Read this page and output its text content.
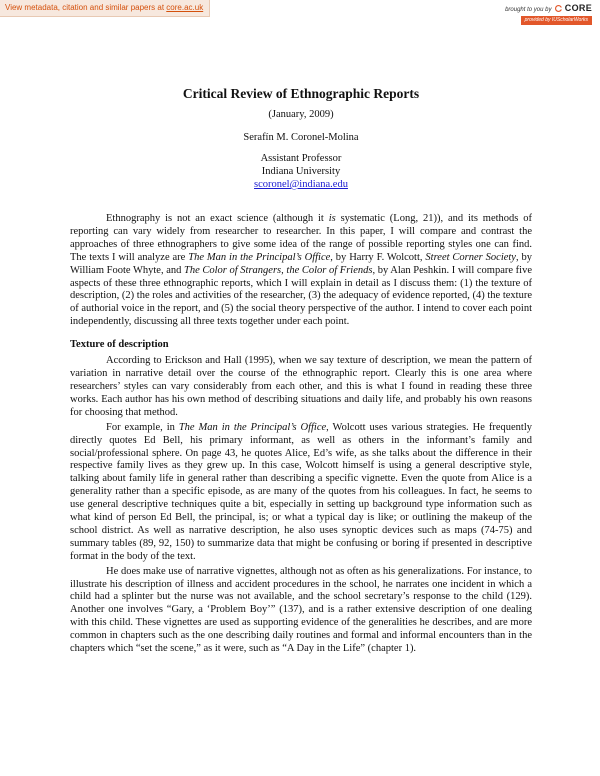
View metadata, citation and similar papers at core.ac.uk	brought to you by CORE
provided by IUScholarWorks
Critical Review of Ethnographic Reports
(January, 2009)
Serafín M. Coronel-Molina
Assistant Professor
Indiana University
scoronel@indiana.edu

Ethnography is not an exact science (although it is systematic (Long, 21)), and its methods of reporting can vary widely from researcher to researcher. In this paper, I will compare and contrast the approaches of three ethnographers to give some idea of the range of possible reporting styles one can find. The texts I will analyze are The Man in the Principal’s Office, by Harry F. Wolcott, Street Corner Society, by William Foote Whyte, and The Color of Strangers, the Color of Friends, by Alan Peshkin. I will compare five aspects of these three ethnographic reports, which I will explain in detail as I discuss them: (1) the texture of description, (2) the roles and activities of the researcher, (3) the adequacy of evidence reported, (4) the texture of authorial voice in the report, and (5) the social theory perspective of the author. I intend to cover each point independently, discussing all three texts together under each point.

Texture of description

According to Erickson and Hall (1995), when we say texture of description, we mean the pattern of variation in narrative detail over the course of the ethnographic report. Clearly this is one area where researchers’ styles can vary considerably from each other, and this is what I found in reading these three works. Each author has his own method of describing situations and daily life, and probably his own reasons for choosing that method.

For example, in The Man in the Principal’s Office, Wolcott uses various strategies. He frequently directly quotes Ed Bell, his primary informant, as well as others in the informant’s family and social/professional sphere. On page 43, he quotes Alice, Ed’s wife, as she talks about the difference in their respective family lives as they grew up. In this case, Wolcott himself is using a general descriptive style, talking about family life in general rather than describing a specific vignette. Even the quote from Alice is a generality rather than a specific episode, as are many of the quotes from his colleagues. In fact, he seems to use general descriptive techniques quite a bit, especially in setting up background type information such as what kind of person Ed Bell, the principal, is; or what a typical day is like; or outlining the makeup of the school district. As well as narrative description, he also uses synoptic devices such as maps (74-75) and summary tables (89, 92, 150) to summarize data that might be confusing or boring if presented in descriptive format in the body of the text.

He does make use of narrative vignettes, although not as often as his generalizations. For instance, to illustrate his description of illness and accident procedures in the school, he narrates one incident in which a child had a splinter but the nurse was not available, and the school secretary’s response to the child (129). Another one involves “Gary, a ‘Problem Boy’” (137), and is a rather extensive description of one dealing with this child. These vignettes are used as supporting evidence of the generalities he describes, and are more common in chapters such as the one describing daily routines and formal and informal encounters than in the chapters which “set the scene,” as it were, such as “A Day in the Life” (chapter 1).
